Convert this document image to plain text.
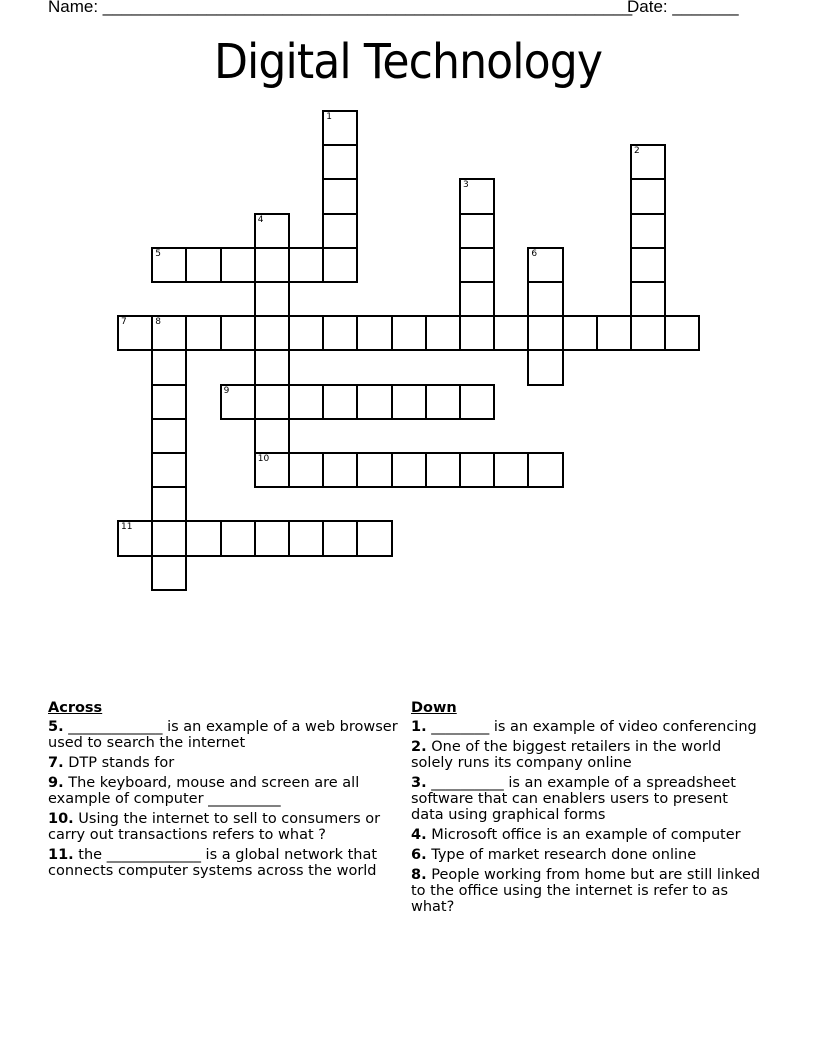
Name: ________________________________________________________
Date: _______
Digital Technology
1
2
3
4
10
5	6
7	8
9
11
Across
5. _____________ is an example of a web browser used to search the internet
7. DTP stands for
9. The keyboard, mouse and screen are all example of computer __________
10. Using the internet to sell to consumers or carry out transactions refers to what ?
11. the _____________ is a global network that connects computer systems across the world
Down
1. ________ is an example of video conferencing
2. One of the biggest retailers in the world solely runs its company online
3. __________ is an example of a spreadsheet software that can enablers users to present data using graphical forms
4. Microsoft office is an example of computer
6. Type of market research done online
8. People working from home but are still linked to the office using the internet is refer to as what?
